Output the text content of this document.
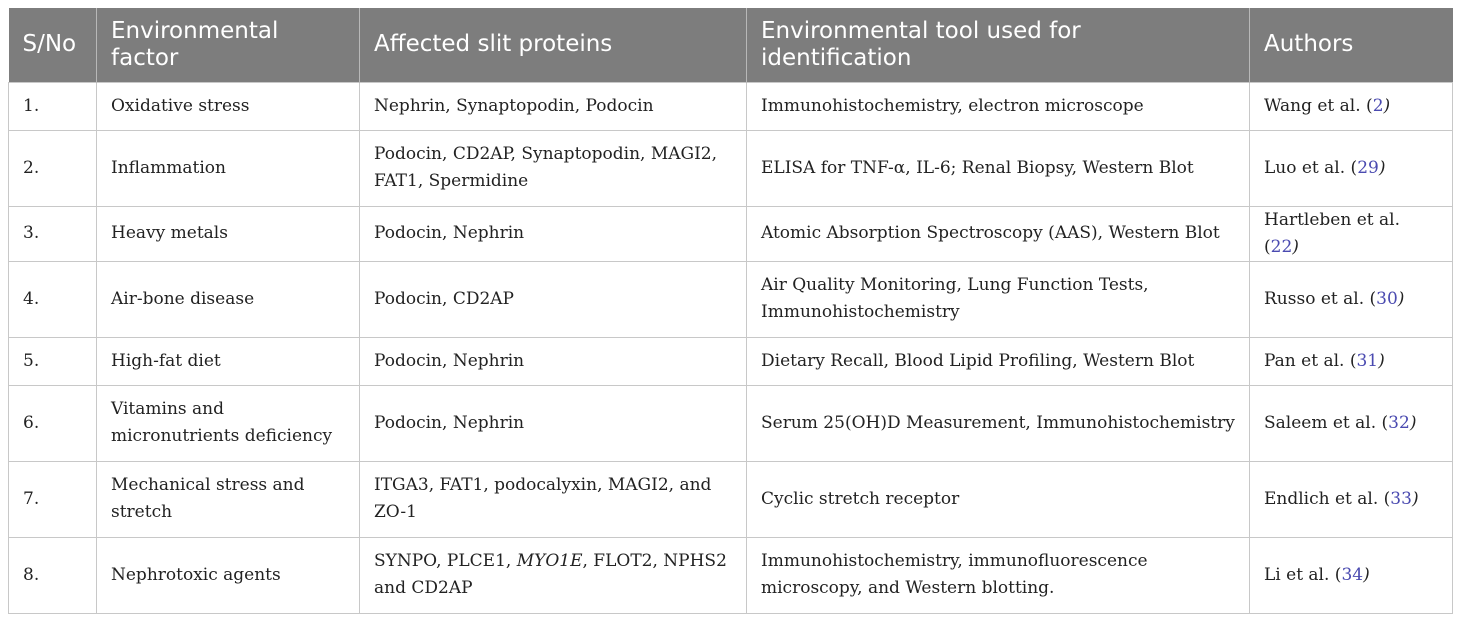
S/No	Environmental factor	Affected slit proteins	Environmental tool used for identification	Authors
1.	Oxidative stress	Nephrin, Synaptopodin, Podocin	Immunohistochemistry, electron microscope	Wang et al. (2)
2.	Inflammation	Podocin, CD2AP, Synaptopodin, MAGI2, FAT1, Spermidine	ELISA for TNF-α, IL-6; Renal Biopsy, Western Blot	Luo et al. (29)
3.	Heavy metals	Podocin, Nephrin	Atomic Absorption Spectroscopy (AAS), Western Blot	Hartleben et al. (22)
4.	Air-bone disease	Podocin, CD2AP	Air Quality Monitoring, Lung Function Tests, Immunohistochemistry	Russo et al. (30)
5.	High-fat diet	Podocin, Nephrin	Dietary Recall, Blood Lipid Profiling, Western Blot	Pan et al. (31)
6.	Vitamins and micronutrients deficiency	Podocin, Nephrin	Serum 25(OH)D Measurement, Immunohistochemistry	Saleem et al. (32)
7.	Mechanical stress and stretch	ITGA3, FAT1, podocalyxin, MAGI2, and ZO-1	Cyclic stretch receptor	Endlich et al. (33)
8.	Nephrotoxic agents	SYNPO, PLCE1, MYO1E, FLOT2, NPHS2 and CD2AP	Immunohistochemistry, immunofluorescence microscopy, and Western blotting.	Li et al. (34)
